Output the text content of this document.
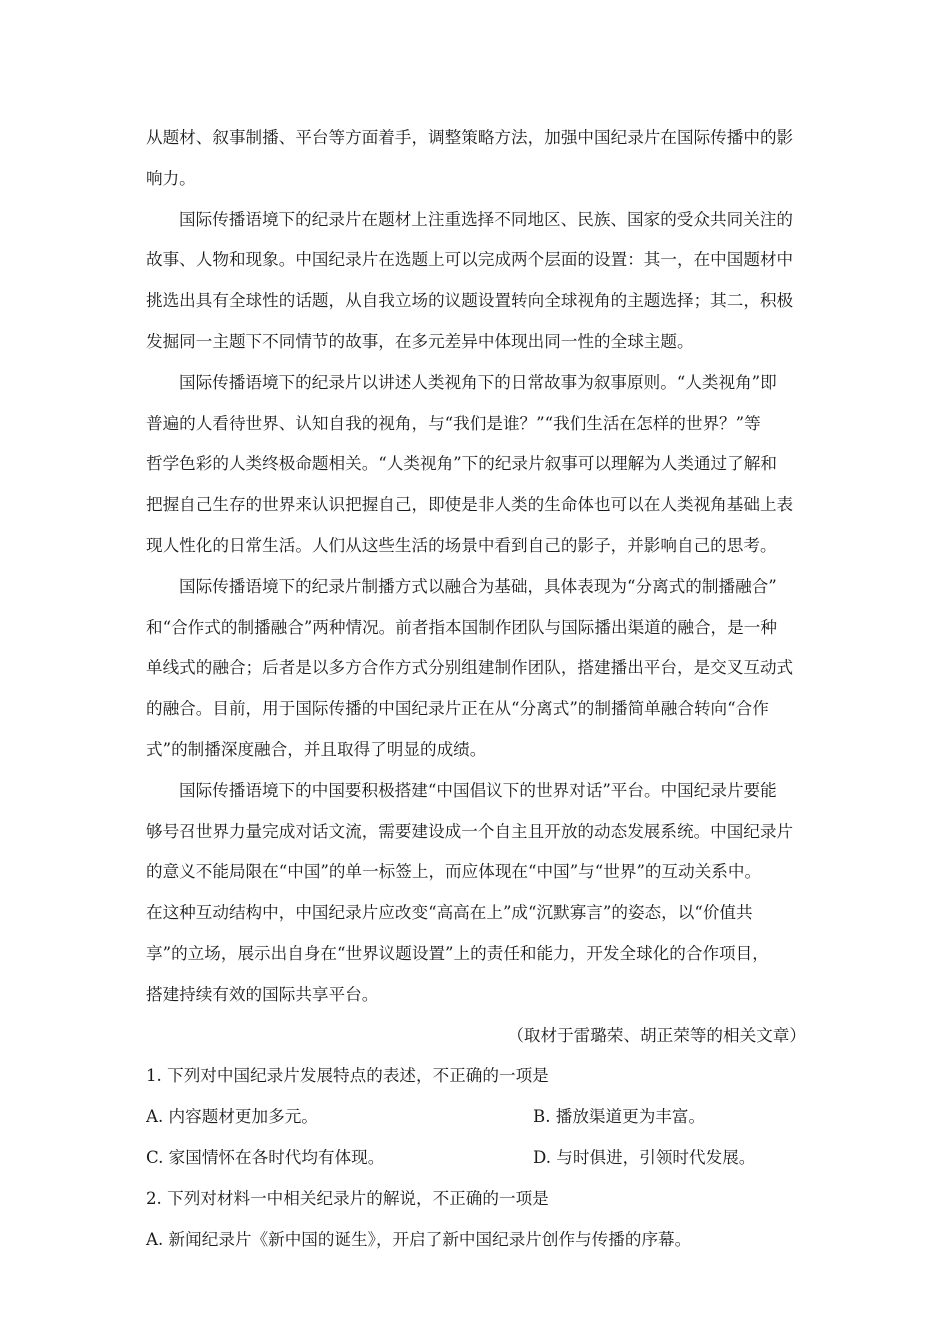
从题材、叙事制播、平台等方面着手，调整策略方法，加强中国纪录片在国际传播中的影
响力。
国际传播语境下的纪录片在题材上注重选择不同地区、民族、国家的受众共同关注的
故事、人物和现象。中国纪录片在选题上可以完成两个层面的设置：其一，在中国题材中
挑选出具有全球性的话题，从自我立场的议题设置转向全球视角的主题选择；其二，积极
发掘同一主题下不同情节的故事，在多元差异中体现出同一性的全球主题。
国际传播语境下的纪录片以讲述人类视角下的日常故事为叙事原则。“人类视角”即
普遍的人看待世界、认知自我的视角，与“我们是谁？”“我们生活在怎样的世界？”等
哲学色彩的人类终极命题相关。“人类视角”下的纪录片叙事可以理解为人类通过了解和
把握自己生存的世界来认识把握自己，即使是非人类的生命体也可以在人类视角基础上表
现人性化的日常生活。人们从这些生活的场景中看到自己的影子，并影响自己的思考。
国际传播语境下的纪录片制播方式以融合为基础，具体表现为“分离式的制播融合”
和“合作式的制播融合”两种情况。前者指本国制作团队与国际播出渠道的融合，是一种
单线式的融合；后者是以多方合作方式分别组建制作团队，搭建播出平台，是交叉互动式
的融合。目前，用于国际传播的中国纪录片正在从“分离式”的制播简单融合转向“合作
式”的制播深度融合，并且取得了明显的成绩。
国际传播语境下的中国要积极搭建“中国倡议下的世界对话”平台。中国纪录片要能
够号召世界力量完成对话文流，需要建设成一个自主且开放的动态发展系统。中国纪录片
的意义不能局限在“中国”的单一标签上，而应体现在“中国”与“世界”的互动关系中。
在这种互动结构中，中国纪录片应改变“高高在上”成“沉默寡言”的姿态，以“价值共
享”的立场，展示出自身在“世界议题设置”上的责任和能力，开发全球化的合作项目，
搭建持续有效的国际共享平台。
（取材于雷璐荣、胡正荣等的相关文章）
1. 下列对中国纪录片发展特点的表述，不正确的一项是
A. 内容题材更加多元。	B. 播放渠道更为丰富。
C. 家国情怀在各时代均有体现。	D. 与时俱进，引领时代发展。
2. 下列对材料一中相关纪录片的解说，不正确的一项是
A. 新闻纪录片《新中国的诞生》，开启了新中国纪录片创作与传播的序幕。
